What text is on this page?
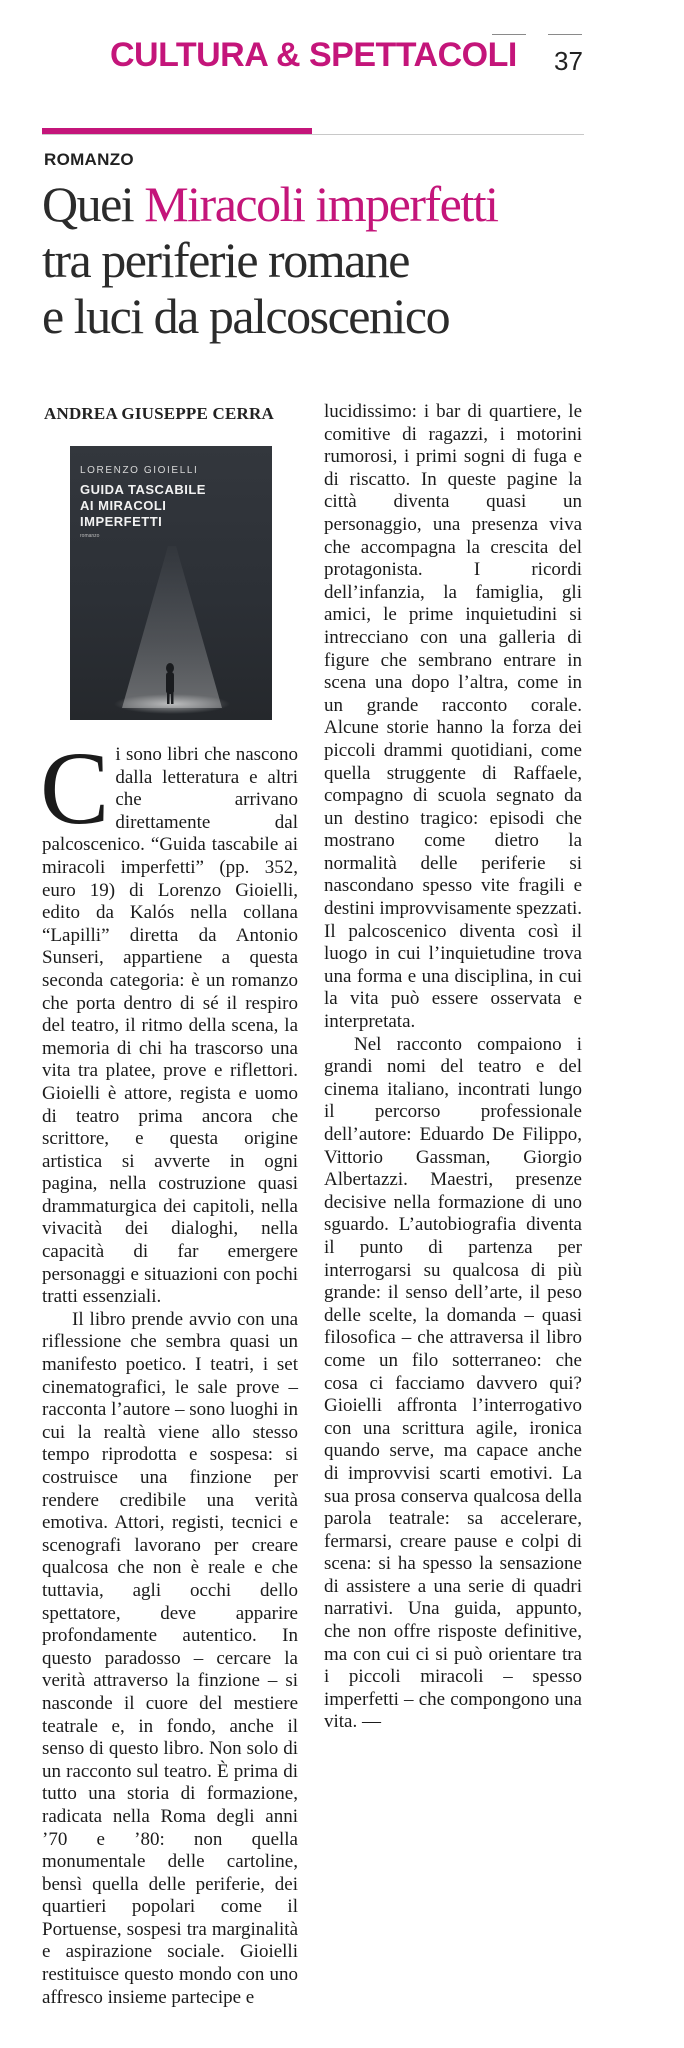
CULTURA & SPETTACOLI	37
ROMANZO
Quei Miracoli imperfetti
tra periferie romane
e luci da palcoscenico
ANDREA GIUSEPPE CERRA
LORENZO GIOIELLI
GUIDA TASCABILE
AI MIRACOLI
IMPERFETTI
romanzo

Ci sono libri che nascono dalla letteratura e altri che arrivano direttamente dal palcoscenico. “Guida tascabile ai miracoli imperfetti” (pp. 352, euro 19) di Lorenzo Gioielli, edito da Kalós nella collana “Lapilli” diretta da Antonio Sunseri, appartiene a questa seconda categoria: è un romanzo che porta dentro di sé il respiro del teatro, il ritmo della scena, la memoria di chi ha trascorso una vita tra platee, prove e riflettori. Gioielli è attore, regista e uomo di teatro prima ancora che scrittore, e questa origine artistica si avverte in ogni pagina, nella costruzione quasi drammaturgica dei capitoli, nella vivacità dei dialoghi, nella capacità di far emergere personaggi e situazioni con pochi tratti essenziali.

Il libro prende avvio con una riflessione che sembra quasi un manifesto poetico. I teatri, i set cinematografici, le sale prove – racconta l’autore – sono luoghi in cui la realtà viene allo stesso tempo riprodotta e sospesa: si costruisce una finzione per rendere credibile una verità emotiva. Attori, registi, tecnici e scenografi lavorano per creare qualcosa che non è reale e che tuttavia, agli occhi dello spettatore, deve apparire profondamente autentico. In questo paradosso – cercare la verità attraverso la finzione – si nasconde il cuore del mestiere teatrale e, in fondo, anche il senso di questo libro. Non solo di un racconto sul teatro. È prima di tutto una storia di formazione, radicata nella Roma degli anni ’70 e ’80: non quella monumentale delle cartoline, bensì quella delle periferie, dei quartieri popolari come il Portuense, sospesi tra marginalità e aspirazione sociale. Gioielli restituisce questo mondo con uno affresco insieme partecipe e

lucidissimo: i bar di quartiere, le comitive di ragazzi, i motorini rumorosi, i primi sogni di fuga e di riscatto. In queste pagine la città diventa quasi un personaggio, una presenza viva che accompagna la crescita del protagonista. I ricordi dell’infanzia, la famiglia, gli amici, le prime inquietudini si intrecciano con una galleria di figure che sembrano entrare in scena una dopo l’altra, come in un grande racconto corale. Alcune storie hanno la forza dei piccoli drammi quotidiani, come quella struggente di Raffaele, compagno di scuola segnato da un destino tragico: episodi che mostrano come dietro la normalità delle periferie si nascondano spesso vite fragili e destini improvvisamente spezzati. Il palcoscenico diventa così il luogo in cui l’inquietudine trova una forma e una disciplina, in cui la vita può essere osservata e interpretata.

Nel racconto compaiono i grandi nomi del teatro e del cinema italiano, incontrati lungo il percorso professionale dell’autore: Eduardo De Filippo, Vittorio Gassman, Giorgio Albertazzi. Maestri, presenze decisive nella formazione di uno sguardo. L’autobiografia diventa il punto di partenza per interrogarsi su qualcosa di più grande: il senso dell’arte, il peso delle scelte, la domanda – quasi filosofica – che attraversa il libro come un filo sotterraneo: che cosa ci facciamo davvero qui? Gioielli affronta l’interrogativo con una scrittura agile, ironica quando serve, ma capace anche di improvvisi scarti emotivi. La sua prosa conserva qualcosa della parola teatrale: sa accelerare, fermarsi, creare pause e colpi di scena: si ha spesso la sensazione di assistere a una serie di quadri narrativi. Una guida, appunto, che non offre risposte definitive, ma con cui ci si può orientare tra i piccoli miracoli – spesso imperfetti – che compongono una vita. —
